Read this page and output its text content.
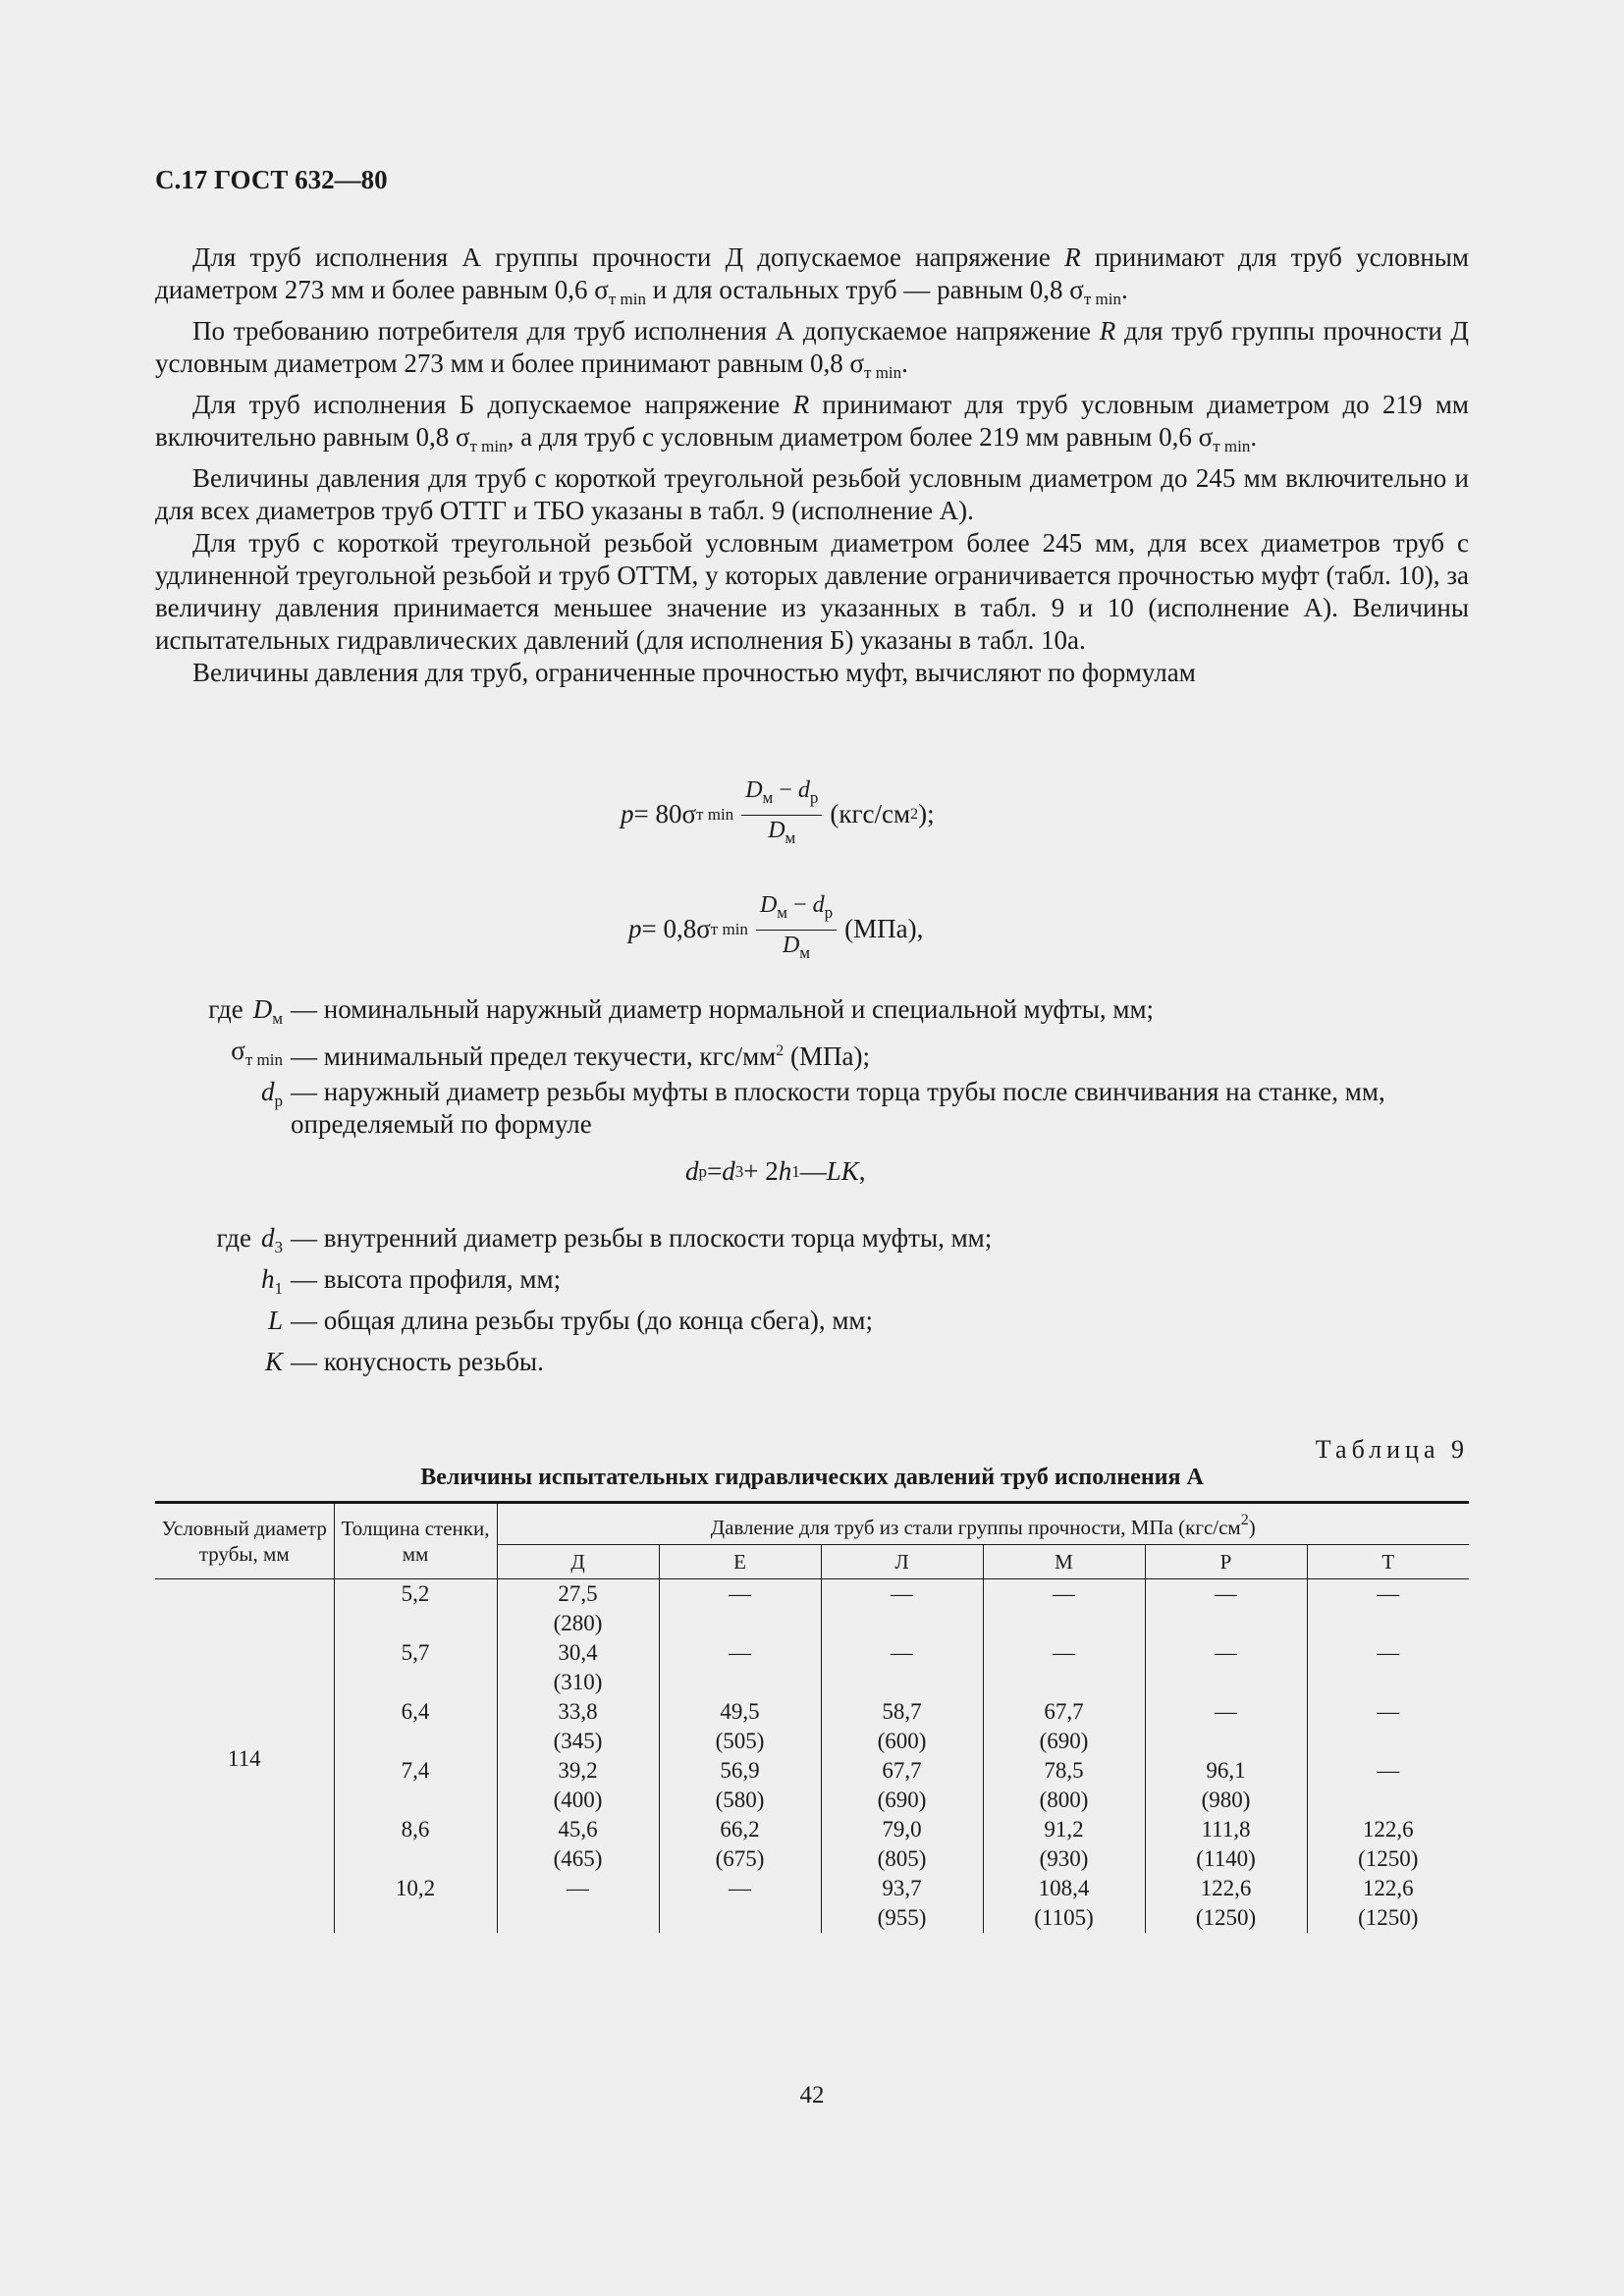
С.17 ГОСТ 632—80

Для труб исполнения А группы прочности Д допускаемое напряжение R принимают для труб условным диаметром 273 мм и более равным 0,6 $\sigma_{т min}$ и для остальных труб — равным 0,8 $\sigma_{т min}$.

По требованию потребителя для труб исполнения А допускаемое напряжение R для труб группы прочности Д условным диаметром 273 мм и более принимают равным 0,8 $\sigma_{т min}$.

Для труб исполнения Б допускаемое напряжение R принимают для труб условным диаметром до 219 мм включительно равным 0,8 $\sigma_{т min}$, а для труб с условным диаметром более 219 мм равным 0,6 $\sigma_{т min}$.

Величины давления для труб с короткой треугольной резьбой условным диаметром до 245 мм включительно и для всех диаметров труб ОТТГ и ТБО указаны в табл. 9 (исполнение А).

Для труб с короткой треугольной резьбой условным диаметром более 245 мм, для всех диаметров труб с удлиненной треугольной резьбой и труб ОТТМ, у которых давление ограничивается прочностью муфт (табл. 10), за величину давления принимается меньшее значение из указанных в табл. 9 и 10 (исполнение А). Величины испытательных гидравлических давлений (для исполнения Б) указаны в табл. 10а.

Величины давления для труб, ограниченные прочностью муфт, вычисляют по формулам

p = 80σ т $\min \frac{D_м - d_р}{D_м} (кгс/см$ 2 );
p = 0,8σ т $\min \frac{D_м - d_р}{D_м} (МПа)$,
где $D_м$ — номинальный наружный диаметр нормальной и специальной муфты, мм;
$\sigma_{т min}$ — минимальный предел текучести, кгс/$мм^2$ (МПа);
$d_р$ — наружный диаметр резьбы муфты в плоскости торца трубы после свинчивания на станке, мм, определяемый по формуле
d р = d 3 + 2 h 1 — LK ,
где $d_3$ — внутренний диаметр резьбы в плоскости торца муфты, мм;
$h_1$ — высота профиля, мм;
L — общая длина резьбы трубы (до конца сбега), мм;
K — конусность резьбы.
Таблица 9
Величины испытательных гидравлических давлений труб исполнения А
Условный диаметр трубы, мм	Толщина стенки, мм	Давление для труб из стали группы прочности, МПа $(кгс/см^2)$					
		Д	Е	Л	М	Р	Т
114	5,2	27,5	—	—	—	—	—
		(280)					
	5,7	30,4	—	—	—	—	—
		(310)					
	6,4	33,8	49,5	58,7	67,7	—	—
		(345)	(505)	(600)	(690)		
	7,4	39,2	56,9	67,7	78,5	96,1	—
		(400)	(580)	(690)	(800)	(980)	
	8,6	45,6	66,2	79,0	91,2	111,8	122,6
		(465)	(675)	(805)	(930)	(1140)	(1250)
	10,2	—	—	93,7	108,4	122,6	122,6
				(955)	(1105)	(1250)	(1250)
42
